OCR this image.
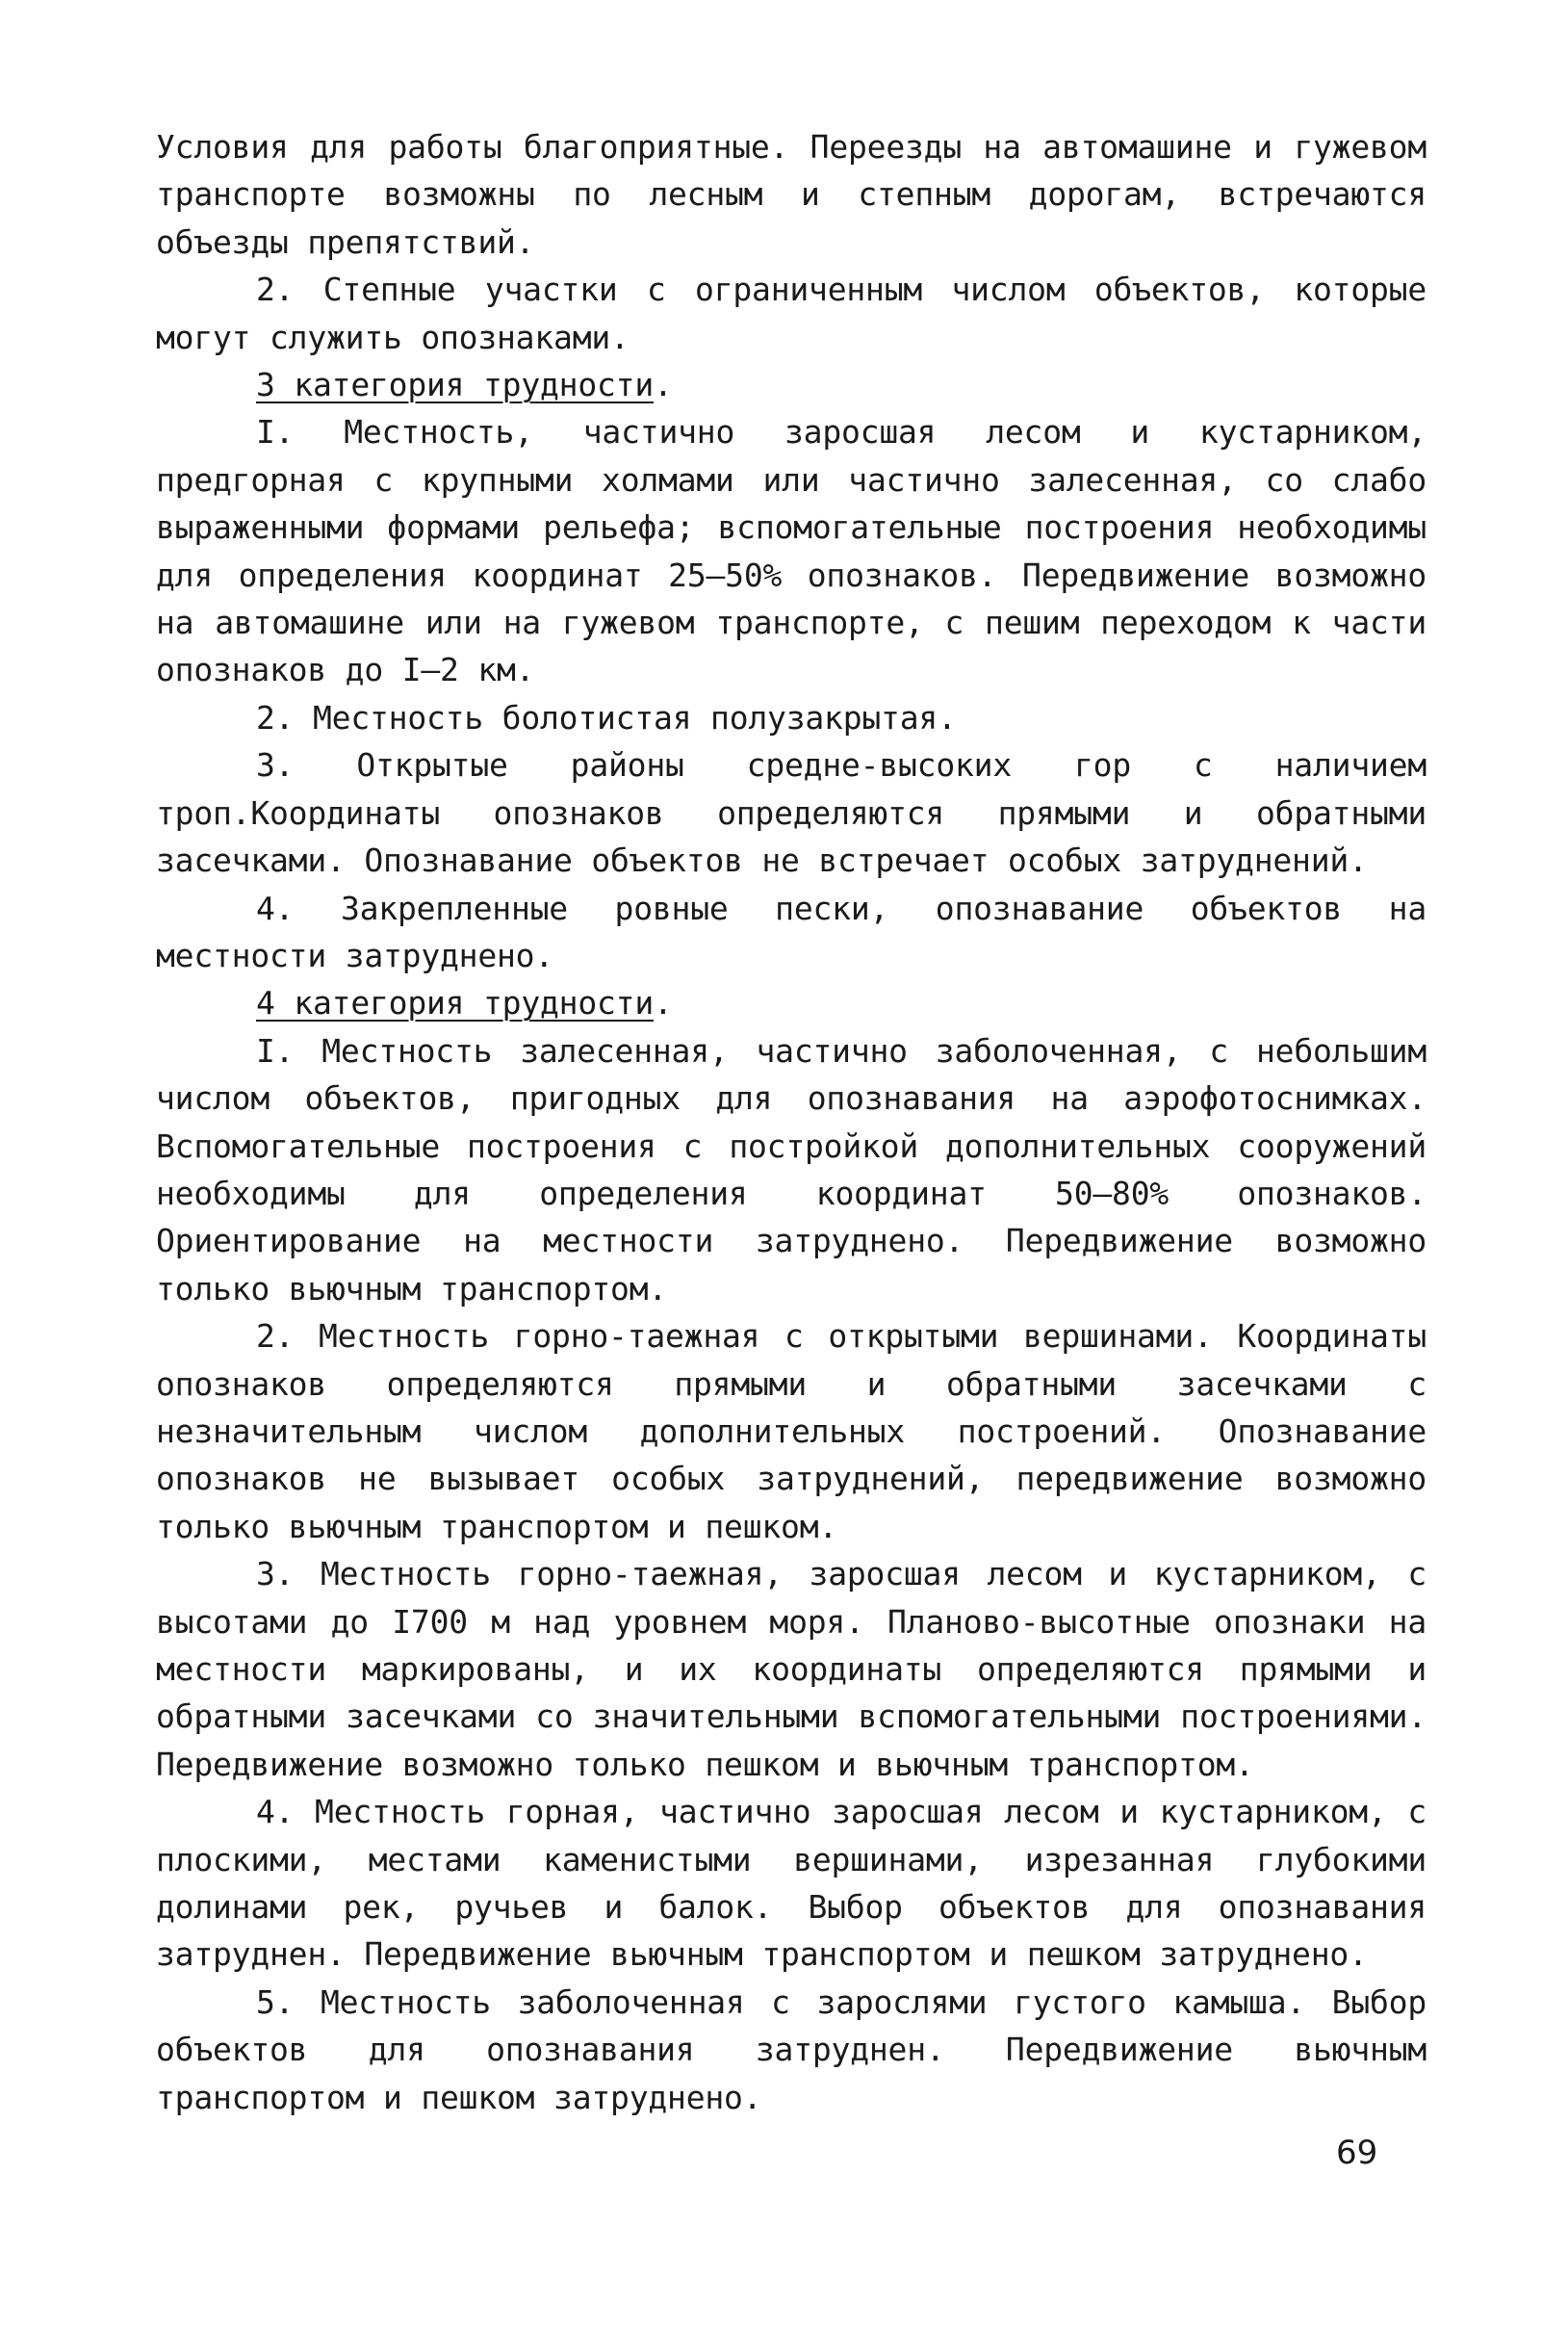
Условия для работы благоприятные. Переезды на автомашине и гужевом транспорте возможны по лесным и степным дорогам, встречаются объезды препятствий.

2. Степные участки с ограниченным числом объектов, которые могут служить опознаками.

3 категория трудности.

I. Местность, частично заросшая лесом и кустарником, предгорная с крупными холмами или частично залесенная, со слабо выраженными формами рельефа; вспомогательные построения необходимы для определения координат 25–50% опознаков. Передвижение возможно на автомашине или на гужевом транспорте, с пешим переходом к части опознаков до I–2 км.

2. Местность болотистая полузакрытая.

3. Открытые районы средне-высоких гор с наличием троп.Координаты опознаков определяются прямыми и обратными засечками. Опознавание объектов не встречает особых затруднений.

4. Закрепленные ровные пески, опознавание объектов на местности затруднено.

4 категория трудности.

I. Местность залесенная, частично заболоченная, с небольшим числом объектов, пригодных для опознавания на аэрофотоснимках. Вспомогательные построения с постройкой дополнительных сооружений необходимы для определения координат 50–80% опознаков. Ориентирование на местности затруднено. Передвижение возможно только вьючным транспортом.

2. Местность горно-таежная с открытыми вершинами. Координаты опознаков определяются прямыми и обратными засечками с незначительным числом дополнительных построений. Опознавание опознаков не вызывает особых затруднений, передвижение возможно только вьючным транспортом и пешком.

3. Местность горно-таежная, заросшая лесом и кустарником, с высотами до I700 м над уровнем моря. Планово-высотные опознаки на местности маркированы, и их координаты определяются прямыми и обратными засечками со значительными вспомогательными построениями. Передвижение возможно только пешком и вьючным транспортом.

4. Местность горная, частично заросшая лесом и кустарником, с плоскими, местами каменистыми вершинами, изрезанная глубокими долинами рек, ручьев и балок. Выбор объектов для опознавания затруднен. Передвижение вьючным транспортом и пешком затруднено.

5. Местность заболоченная с зарослями густого камыша. Выбор объектов для опознавания затруднен. Передвижение вьючным транспортом и пешком затруднено.

69
